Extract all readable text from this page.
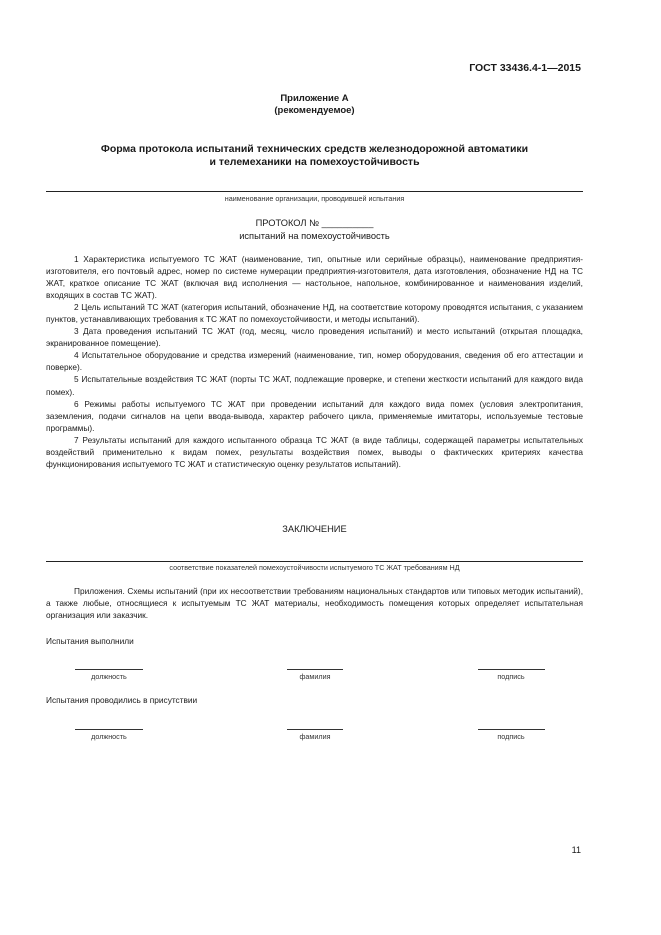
ГОСТ 33436.4-1—2015
Приложение А
(рекомендуемое)
Форма протокола испытаний технических средств железнодорожной автоматики
и телемеханики на помехоустойчивость
наименование организации, проводившей испытания
ПРОТОКОЛ № __________
испытаний на помехоустойчивость

1 Характеристика испытуемого ТС ЖАТ (наименование, тип, опытные или серийные образцы), наименование предприятия-изготовителя, его почтовый адрес, номер по системе нумерации предприятия-изготовителя, дата изготовления, обозначение НД на ТС ЖАТ, краткое описание ТС ЖАТ (включая вид исполнения — настольное, напольное, комбинированное и наименования изделий, входящих в состав ТС ЖАТ).

2 Цель испытаний ТС ЖАТ (категория испытаний, обозначение НД, на соответствие которому проводятся испытания, с указанием пунктов, устанавливающих требования к ТС ЖАТ по помехоустойчивости, и методы испытаний).

3 Дата проведения испытаний ТС ЖАТ (год, месяц, число проведения испытаний) и место испытаний (открытая площадка, экранированное помещение).

4 Испытательное оборудование и средства измерений (наименование, тип, номер оборудования, сведения об его аттестации и поверке).

5 Испытательные воздействия ТС ЖАТ (порты ТС ЖАТ, подлежащие проверке, и степени жесткости испытаний для каждого вида помех).

6 Режимы работы испытуемого ТС ЖАТ при проведении испытаний для каждого вида помех (условия электропитания, заземления, подачи сигналов на цепи ввода-вывода, характер рабочего цикла, применяемые имитаторы, используемые тестовые программы).

7 Результаты испытаний для каждого испытанного образца ТС ЖАТ (в виде таблицы, содержащей параметры испытательных воздействий применительно к видам помех, результаты воздействия помех, выводы о фактических критериях качества функционирования испытуемого ТС ЖАТ и статистическую оценку результатов испытаний).

ЗАКЛЮЧЕНИЕ
соответствие показателей помехоустойчивости испытуемого ТС ЖАТ требованиям НД

Приложения. Схемы испытаний (при их несоответствии требованиям национальных стандартов или типовых методик испытаний), а также любые, относящиеся к испытуемым ТС ЖАТ материалы, необходимость помещения которых определяет испытательная организация или заказчик.

Испытания выполнили
должность	фамилия	подпись
Испытания проводились в присутствии
должность	фамилия	подпись
11
